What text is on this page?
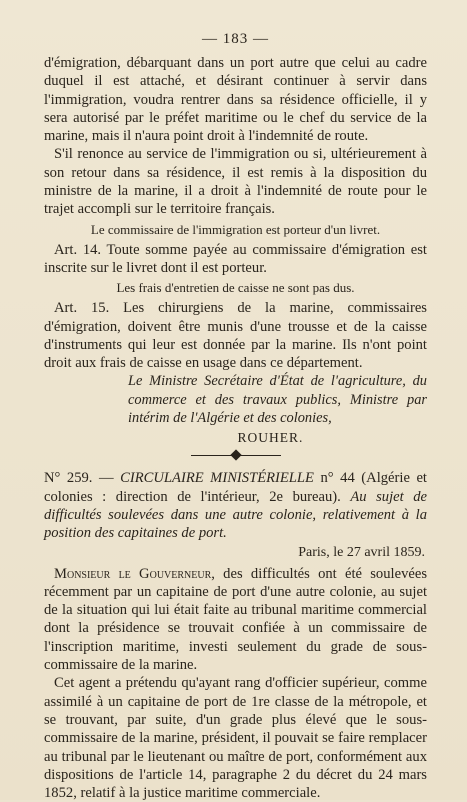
— 183 —

d'émigration, débarquant dans un port autre que celui au cadre duquel il est attaché, et désirant continuer à servir dans l'immigration, voudra rentrer dans sa résidence officielle, il y sera autorisé par le préfet maritime ou le chef du service de la marine, mais il n'aura point droit à l'indemnité de route.

S'il renonce au service de l'immigration ou si, ultérieurement à son retour dans sa résidence, il est remis à la disposition du ministre de la marine, il a droit à l'indemnité de route pour le trajet accompli sur le territoire français.

Le commissaire de l'immigration est porteur d'un livret.

Art. 14. Toute somme payée au commissaire d'émigration est inscrite sur le livret dont il est porteur.

Les frais d'entretien de caisse ne sont pas dus.

Art. 15. Les chirurgiens de la marine, commissaires d'émigration, doivent être munis d'une trousse et de la caisse d'instruments qui leur est donnée par la marine. Ils n'ont point droit aux frais de caisse en usage dans ce département.

Le Ministre Secrétaire d'État de l'agriculture, du commerce et des travaux publics, Ministre par intérim de l'Algérie et des colonies,

ROUHER.

N° 259. — CIRCULAIRE MINISTÉRIELLE n° 44 (Algérie et colonies : direction de l'intérieur, 2e bureau). Au sujet de difficultés soulevées dans une autre colonie, relativement à la position des capitaines de port.

Paris, le 27 avril 1859.

Monsieur le Gouverneur, des difficultés ont été soulevées récemment par un capitaine de port d'une autre colonie, au sujet de la situation qui lui était faite au tribunal maritime commercial dont la présidence se trouvait confiée à un commissaire de l'inscription maritime, investi seulement du grade de sous-commissaire de la marine.

Cet agent a prétendu qu'ayant rang d'officier supérieur, comme assimilé à un capitaine de port de 1re classe de la métropole, et se trouvant, par suite, d'un grade plus élevé que le sous-commissaire de la marine, président, il pouvait se faire remplacer au tribunal par le lieutenant ou maître de port, conformément aux dispositions de l'article 14, paragraphe 2 du décret du 24 mars 1852, relatif à la justice maritime commerciale.
